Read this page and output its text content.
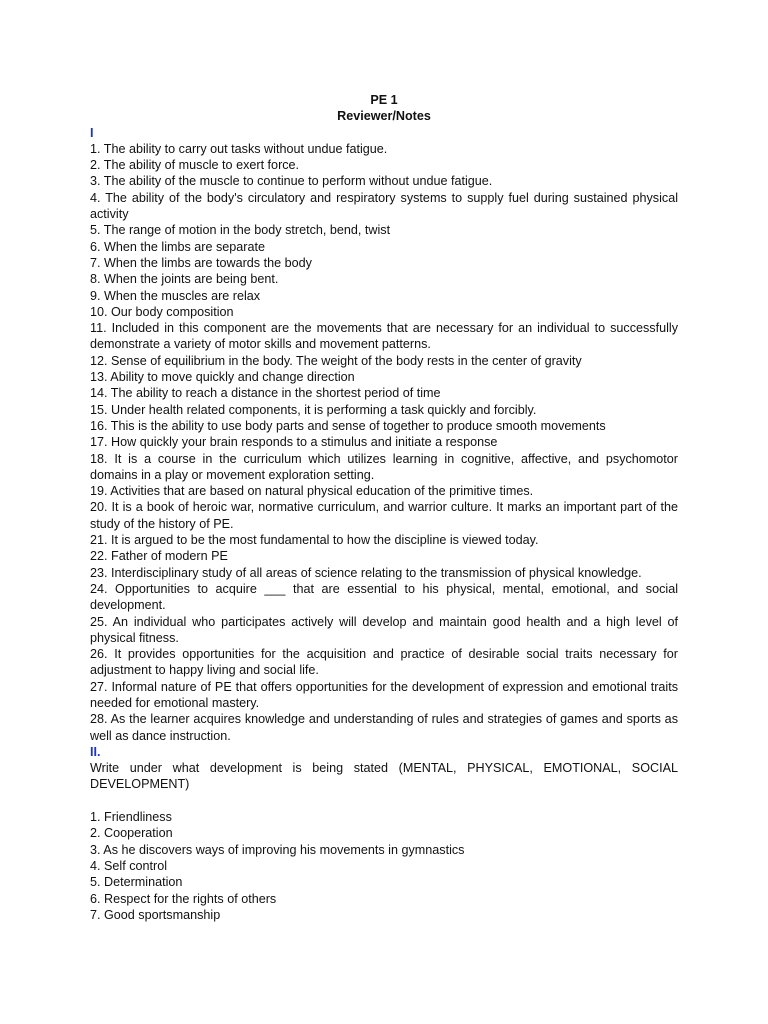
PE 1

Reviewer/Notes

I

1. The ability to carry out tasks without undue fatigue.

2. The ability of muscle to exert force.

3. The ability of the muscle to continue to perform without undue fatigue.

4. The ability of the body's circulatory and respiratory systems to supply fuel during sustained physical activity

5. The range of motion in the body stretch, bend, twist

6. When the limbs are separate

7. When the limbs are towards the body

8. When the joints are being bent.

9. When the muscles are relax

10. Our body composition

11. Included in this component are the movements that are necessary for an individual to successfully demonstrate a variety of motor skills and movement patterns.

12. Sense of equilibrium in the body. The weight of the body rests in the center of gravity

13. Ability to move quickly and change direction

14. The ability to reach a distance in the shortest period of time

15. Under health related components, it is performing a task quickly and forcibly.

16. This is the ability to use body parts and sense of together to produce smooth movements

17. How quickly your brain responds to a stimulus and initiate a response

18. It is a course in the curriculum which utilizes learning in cognitive, affective, and psychomotor domains in a play or movement exploration setting.

19. Activities that are based on natural physical education of the primitive times.

20. It is a book of heroic war, normative curriculum, and warrior culture. It marks an important part of the study of the history of PE.

21. It is argued to be the most fundamental to how the discipline is viewed today.

22. Father of modern PE

23. Interdisciplinary study of all areas of science relating to the transmission of physical knowledge.

24. Opportunities to acquire ___ that are essential to his physical, mental, emotional, and social development.

25. An individual who participates actively will develop and maintain good health and a high level of physical fitness.

26. It provides opportunities for the acquisition and practice of desirable social traits necessary for adjustment to happy living and social life.

27. Informal nature of PE that offers opportunities for the development of expression and emotional traits needed for emotional mastery.

28. As the learner acquires knowledge and understanding of rules and strategies of games and sports as well as dance instruction.

II.

Write under what development is being stated (MENTAL, PHYSICAL, EMOTIONAL, SOCIAL DEVELOPMENT)

1. Friendliness

2. Cooperation

3. As he discovers ways of improving his movements in gymnastics

4. Self control

5. Determination

6. Respect for the rights of others

7. Good sportsmanship
